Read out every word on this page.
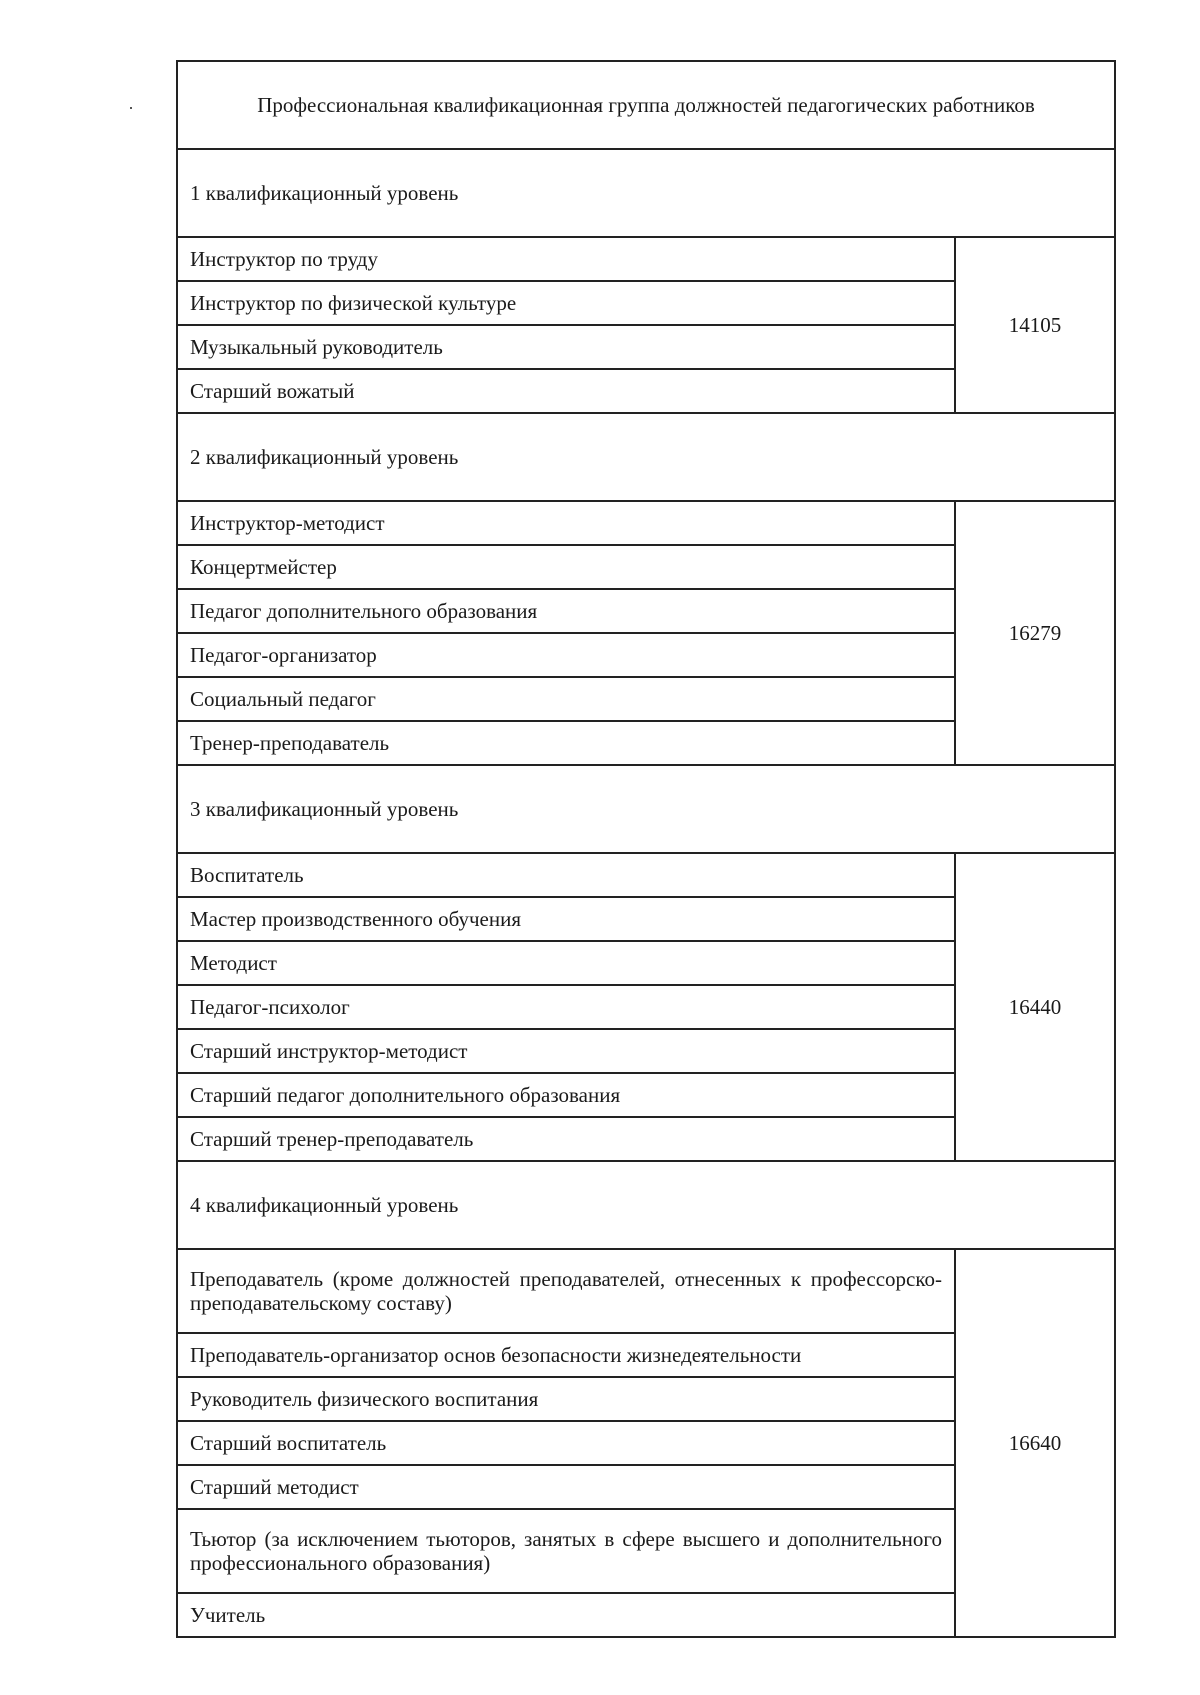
Профессиональная квалификационная группа должностей педагогических работников	
1 квалификационный уровень	
Инструктор по труду	14105
Инструктор по физической культуре	
Музыкальный руководитель	
Старший вожатый	
2 квалификационный уровень	
Инструктор-методист	16279
Концертмейстер	
Педагог дополнительного образования	
Педагог-организатор	
Социальный педагог	
Тренер-преподаватель	
3 квалификационный уровень	
Воспитатель	16440
Мастер производственного обучения	
Методист	
Педагог-психолог	
Старший инструктор-методист	
Старший педагог дополнительного образования	
Старший тренер-преподаватель	
4 квалификационный уровень	
Преподаватель (кроме должностей преподавателей, отнесенных к профессорско-преподавательскому составу)	16640
Преподаватель-организатор основ безопасности жизнедеятельности	
Руководитель физического воспитания	
Старший воспитатель	
Старший методист	
Тьютор (за исключением тьюторов, занятых в сфере высшего и дополнительного профессионального образования)	
Учитель	
